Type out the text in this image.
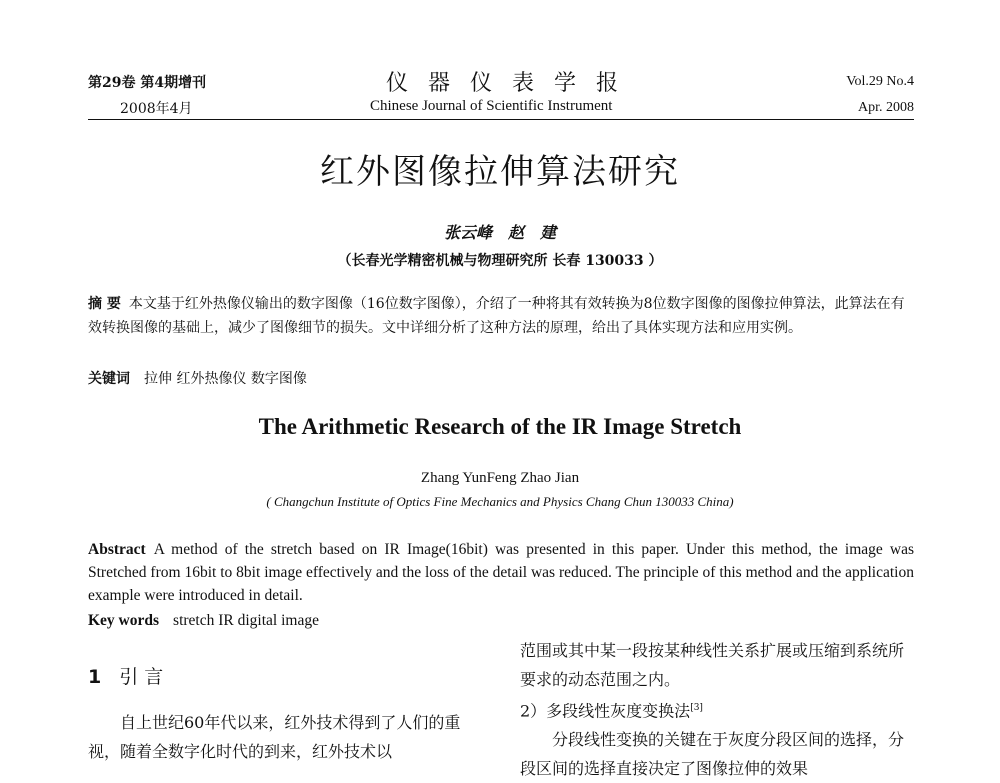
第29卷 第4期增刊
2008年4月
仪器仪表学报
Chinese Journal of Scientific Instrument
Vol.29 No.4
Apr. 2008
红外图像拉伸算法研究
张云峰　赵　建
（长春光学精密机械与物理研究所 长春 130033 ）
摘 要 本文基于红外热像仪输出的数字图像（16位数字图像），介绍了一种将其有效转换为8位数字图像的图像拉伸算法，此算法在有效转换图像的基础上，减少了图像细节的损失。文中详细分析了这种方法的原理，给出了具体实现方法和应用实例。
关键词 拉伸 红外热像仪 数字图像
The Arithmetic Research of the IR Image Stretch
Zhang YunFeng Zhao Jian
( Changchun Institute of Optics Fine Mechanics and Physics Chang Chun 130033 China)
Abstract A method of the stretch based on IR Image(16bit) was presented in this paper. Under this method, the image was Stretched from 16bit to 8bit image effectively and the loss of the detail was reduced. The principle of this method and the application example were introduced in detail.
Key words stretch IR digital image
1 引 言
自上世纪60年代以来，红外技术得到了人们的重视，随着全数字化时代的到来，红外技术以

范围或其中某一段按某种线性关系扩展或压缩到系统所要求的动态范围之内。

2）多段线性灰度变换法[3]

分段线性变换的关键在于灰度分段区间的选择，分段区间的选择直接决定了图像拉伸的效果
